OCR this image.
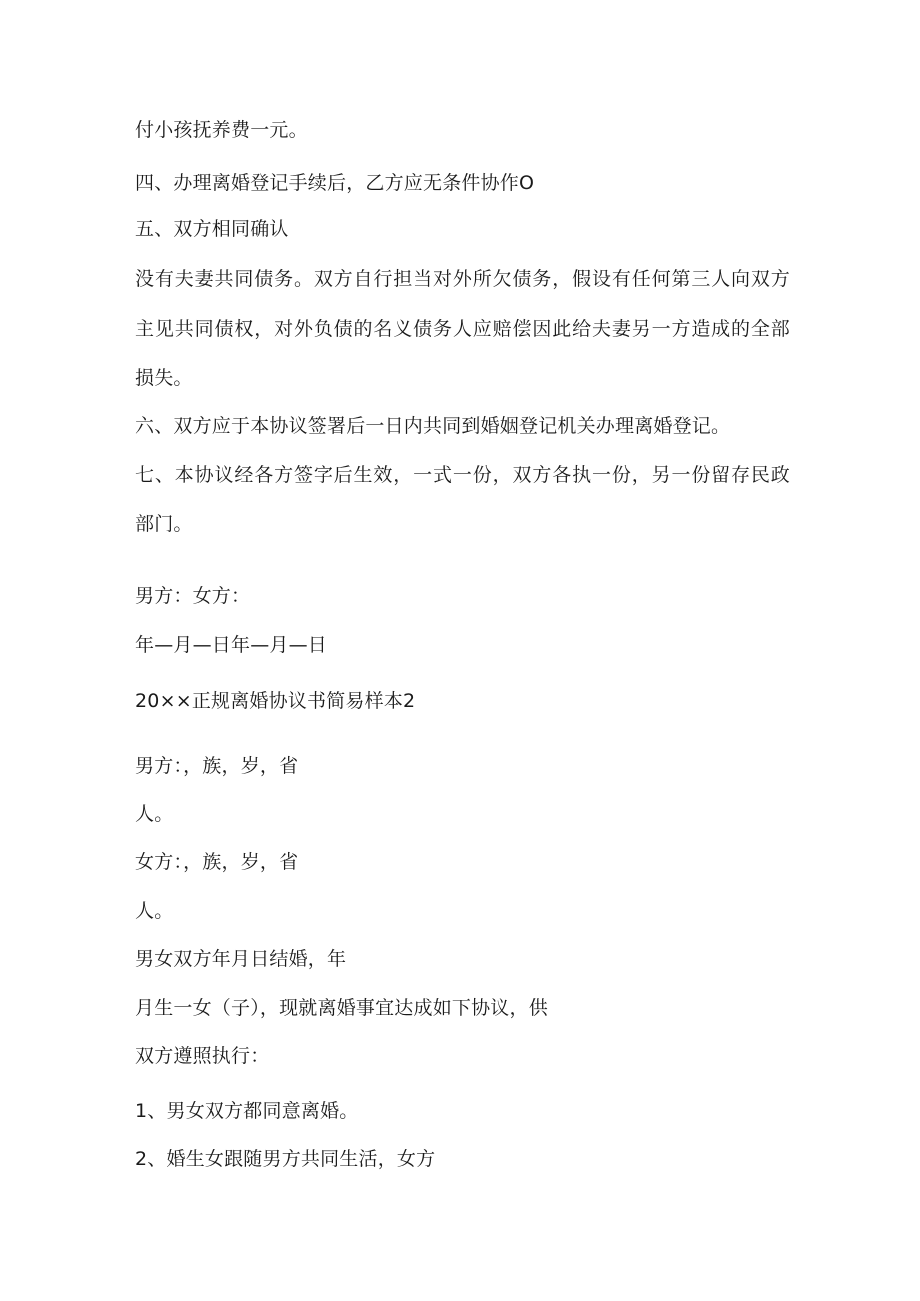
付小孩抚养费一元。
四、办理离婚登记手续后，乙方应无条件协作O
五、双方相同确认
没有夫妻共同债务。双方自行担当对外所欠债务，假设有任何第三人向双方
主见共同债权，对外负债的名义债务人应赔偿因此给夫妻另一方造成的全部
损失。
六、双方应于本协议签署后一日内共同到婚姻登记机关办理离婚登记。
七、本协议经各方签字后生效，一式一份，双方各执一份，另一份留存民政
部门。
男方：女方：
年—月—日年—月—日
20××正规离婚协议书简易样本2
男方：，族，岁，省
人。
女方：，族，岁，省
人。
男女双方年月日结婚，年
月生一女（子），现就离婚事宜达成如下协议，供
双方遵照执行：
1、男女双方都同意离婚。
2、婚生女跟随男方共同生活，女方
